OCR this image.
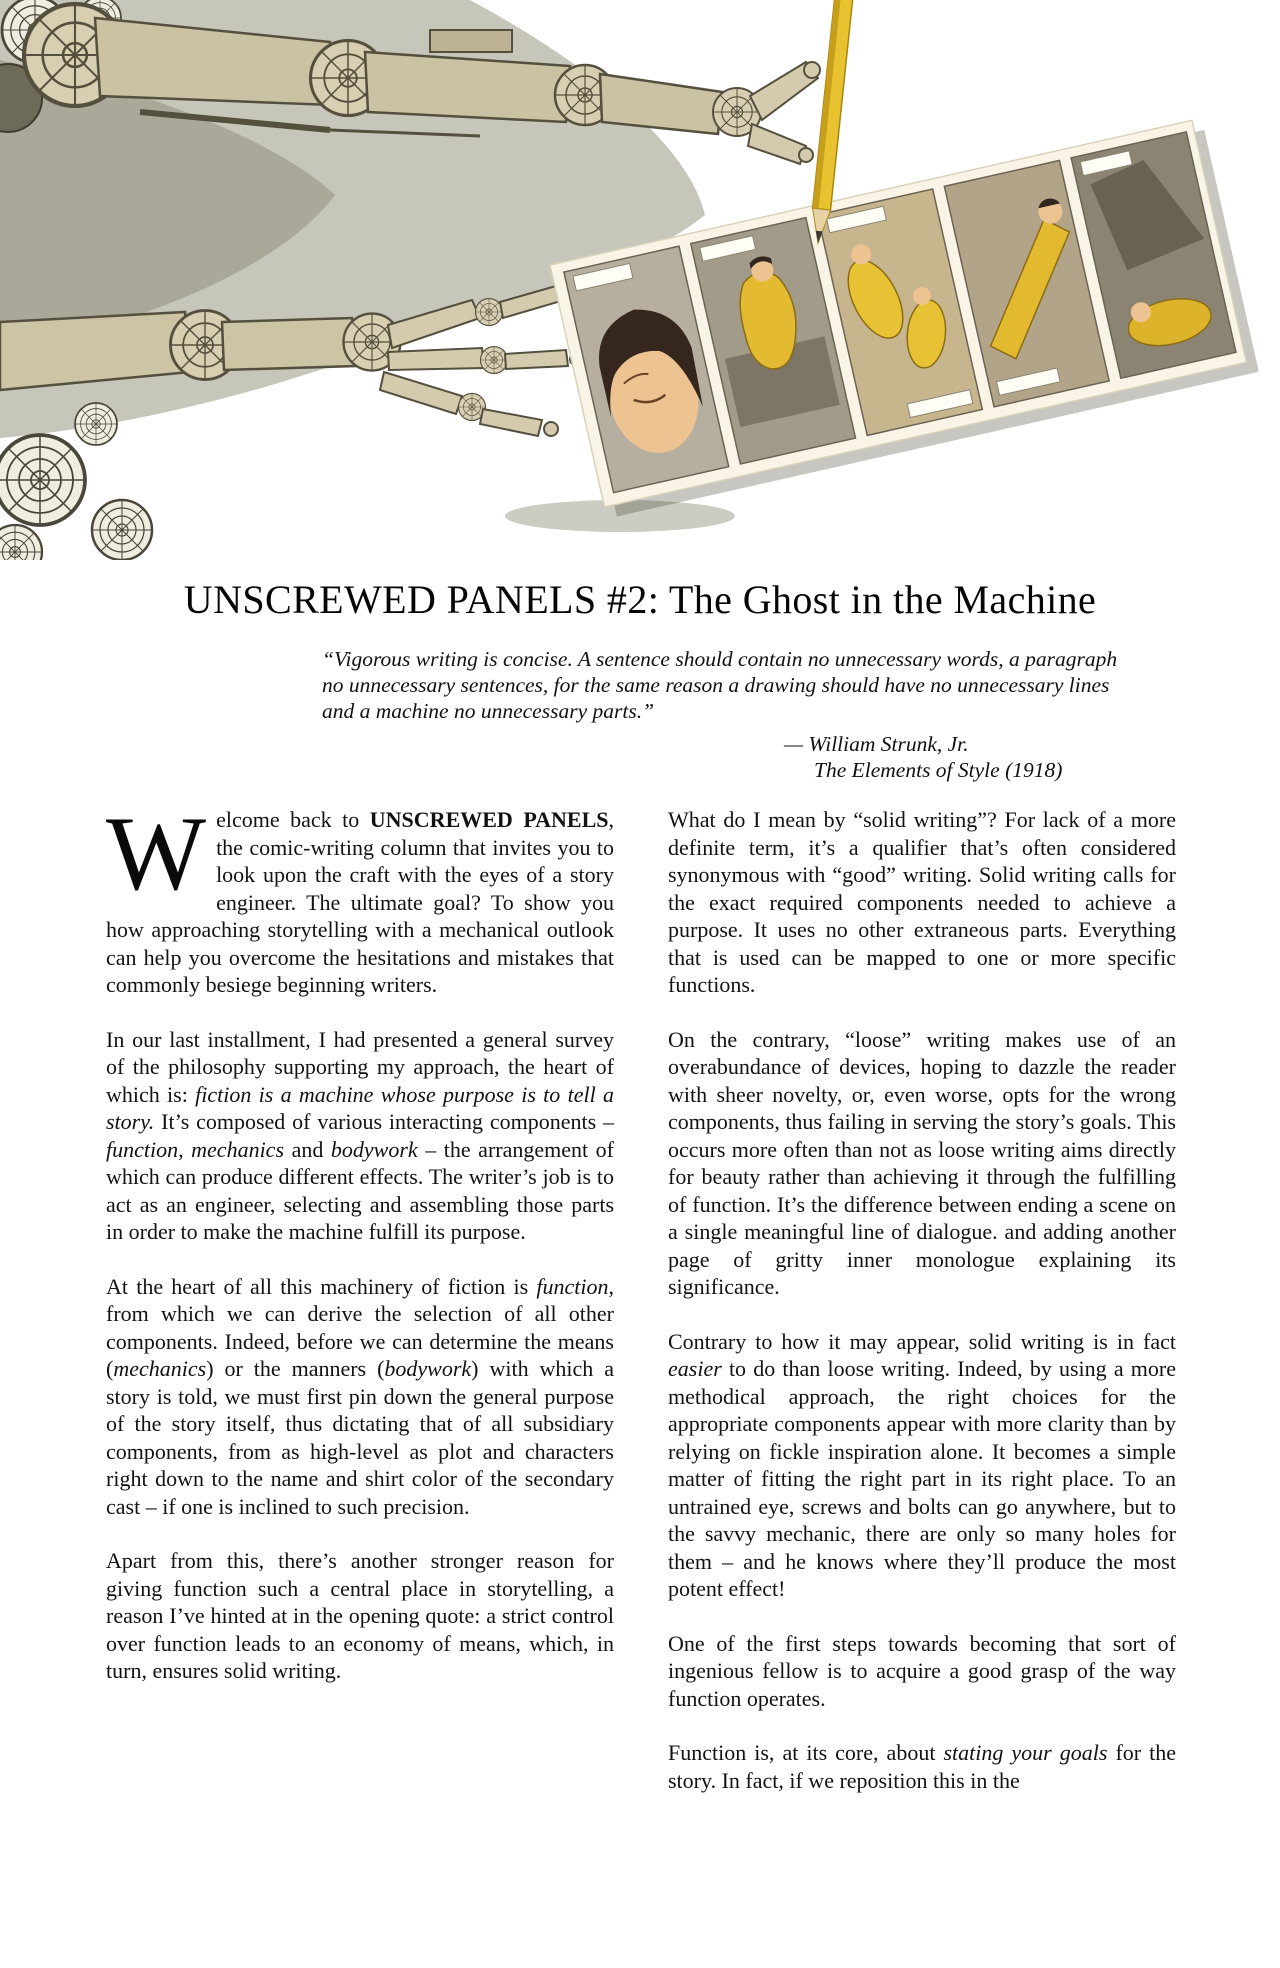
UNSCREWED PANELS #2: The Ghost in the Machine

“Vigorous writing is concise. A sentence should contain no unnecessary words, a paragraph no unnecessary sentences, for the same reason a drawing should have no unnecessary lines and a machine no unnecessary parts.”

— William Strunk, Jr.

The Elements of Style (1918)

Welcome back to UNSCREWED PANELS, the comic-writing column that invites you to look upon the craft with the eyes of a story engineer. The ultimate goal? To show you how approaching storytelling with a mechanical outlook can help you overcome the hesitations and mistakes that commonly besiege beginning writers.

In our last installment, I had presented a general survey of the philosophy supporting my approach, the heart of which is: fiction is a machine whose purpose is to tell a story. It’s composed of various interacting components – function, mechanics and bodywork – the arrangement of which can produce different effects. The writer’s job is to act as an engineer, selecting and assembling those parts in order to make the machine fulfill its purpose.

At the heart of all this machinery of fiction is function, from which we can derive the selection of all other components. Indeed, before we can determine the means (mechanics) or the manners (bodywork) with which a story is told, we must first pin down the general purpose of the story itself, thus dictating that of all subsidiary components, from as high-level as plot and characters right down to the name and shirt color of the secondary cast – if one is inclined to such precision.

Apart from this, there’s another stronger reason for giving function such a central place in storytelling, a reason I’ve hinted at in the opening quote: a strict control over function leads to an economy of means, which, in turn, ensures solid writing.

What do I mean by “solid writing”? For lack of a more definite term, it’s a qualifier that’s often considered synonymous with “good” writing. Solid writing calls for the exact required components needed to achieve a purpose. It uses no other extraneous parts. Everything that is used can be mapped to one or more specific functions.

On the contrary, “loose” writing makes use of an overabundance of devices, hoping to dazzle the reader with sheer novelty, or, even worse, opts for the wrong components, thus failing in serving the story’s goals. This occurs more often than not as loose writing aims directly for beauty rather than achieving it through the fulfilling of function. It’s the difference between ending a scene on a single meaningful line of dialogue. and adding another page of gritty inner monologue explaining its significance.

Contrary to how it may appear, solid writing is in fact easier to do than loose writing. Indeed, by using a more methodical approach, the right choices for the appropriate components appear with more clarity than by relying on fickle inspiration alone. It becomes a simple matter of fitting the right part in its right place. To an untrained eye, screws and bolts can go anywhere, but to the savvy mechanic, there are only so many holes for them – and he knows where they’ll produce the most potent effect!

One of the first steps towards becoming that sort of ingenious fellow is to acquire a good grasp of the way function operates.

Function is, at its core, about stating your goals for the story. In fact, if we reposition this in the
